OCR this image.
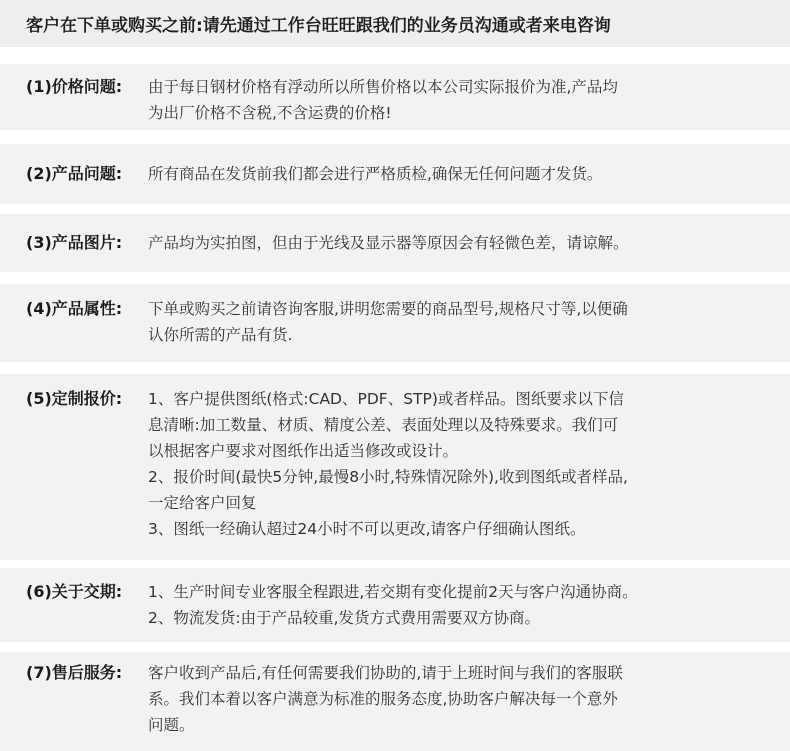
客户在下单或购买之前:请先通过工作台旺旺跟我们的业务员沟通或者来电咨询
(1)价格问题: 由于每日钢材价格有浮动所以所售价格以本公司实际报价为准,产品均
为出厂价格不含税,不含运费的价格!
(2)产品问题: 所有商品在发货前我们都会进行严格质检,确保无任何问题才发货。
(3)产品图片: 产品均为实拍图，但由于光线及显示器等原因会有轻微色差，请谅解。
(4)产品属性: 下单或购买之前请咨询客服,讲明您需要的商品型号,规格尺寸等,以便确
认你所需的产品有货.
(5)定制报价: 1、客户提供图纸(格式:CAD、PDF、STP)或者样品。图纸要求以下信
息清晰:加工数量、材质、精度公差、表面处理以及特殊要求。我们可
以根据客户要求对图纸作出适当修改或设计。
2、报价时间(最快5分钟,最慢8小时,特殊情况除外),收到图纸或者样品,
一定给客户回复
3、图纸一经确认超过24小时不可以更改,请客户仔细确认图纸。
(6)关于交期: 1、生产时间专业客服全程跟进,若交期有变化提前2天与客户沟通协商。
2、物流发货:由于产品较重,发货方式费用需要双方协商。
(7)售后服务: 客户收到产品后,有任何需要我们协助的,请于上班时间与我们的客服联
系。我们本着以客户满意为标准的服务态度,协助客户解决每一个意外
问题。
